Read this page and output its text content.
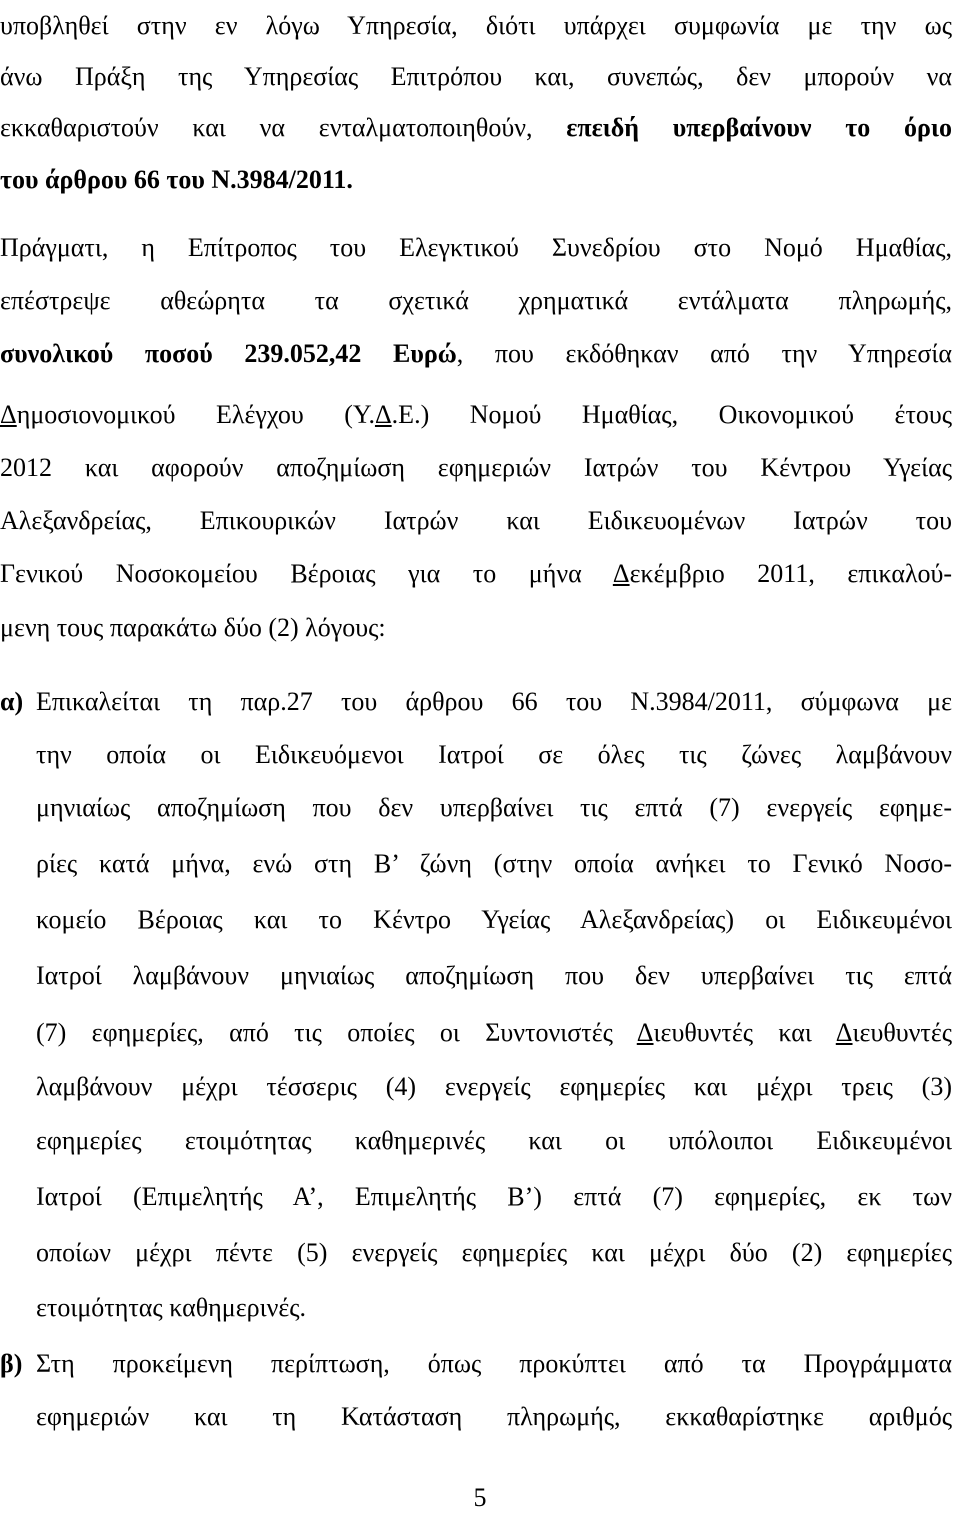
υποβληθεί στην εν λόγω Υπηρεσία, διότι υπάρχει συμφωνία με την ως
άνω Πράξη της Υπηρεσίας Επιτρόπου και, συνεπώς, δεν μπορούν να
εκκαθαριστούν και να ενταλματοποιηθούν, επειδή υπερβαίνουν το όριο
του άρθρου 66 του Ν.3984/2011.
Πράγματι, η Επίτροπος του Ελεγκτικού Συνεδρίου στο Νομό Ημαθίας,
επέστρεψε αθεώρητα τα σχετικά χρηματικά εντάλματα πληρωμής,
συνολικού ποσού 239.052,42 Ευρώ, που εκδόθηκαν από την Υπηρεσία
Δημοσιονομικού Ελέγχου (Υ.Δ.Ε.) Νομού Ημαθίας, Οικονομικού έτους
2012 και αφορούν αποζημίωση εφημεριών Ιατρών του Κέντρου Υγείας
Αλεξανδρείας, Επικουρικών Ιατρών και Ειδικευομένων Ιατρών του
Γενικού Νοσοκομείου Βέροιας για το μήνα Δεκέμβριο 2011, επικαλού-
μενη τους παρακάτω δύο (2) λόγους:
α) Επικαλείται τη παρ.27 του άρθρου 66 του Ν.3984/2011, σύμφωνα με
την οποία οι Ειδικευόμενοι Ιατροί σε όλες τις ζώνες λαμβάνουν
μηνιαίως αποζημίωση που δεν υπερβαίνει τις επτά (7) ενεργείς εφημε-
ρίες κατά μήνα, ενώ στη Β’ ζώνη (στην οποία ανήκει το Γενικό Νοσο-
κομείο Βέροιας και το Κέντρο Υγείας Αλεξανδρείας) οι Ειδικευμένοι
Ιατροί λαμβάνουν μηνιαίως αποζημίωση που δεν υπερβαίνει τις επτά
(7) εφημερίες, από τις οποίες οι Συντονιστές Διευθυντές και Διευθυντές
λαμβάνουν μέχρι τέσσερις (4) ενεργείς εφημερίες και μέχρι τρεις (3)
εφημερίες ετοιμότητας καθημερινές και οι υπόλοιποι Ειδικευμένοι
Ιατροί (Επιμελητής Α’, Επιμελητής Β’) επτά (7) εφημερίες, εκ των
οποίων μέχρι πέντε (5) ενεργείς εφημερίες και μέχρι δύο (2) εφημερίες
ετοιμότητας καθημερινές.
β) Στη προκείμενη περίπτωση, όπως προκύπτει από τα Προγράμματα
εφημεριών και τη Κατάσταση πληρωμής, εκκαθαρίστηκε αριθμός
5
